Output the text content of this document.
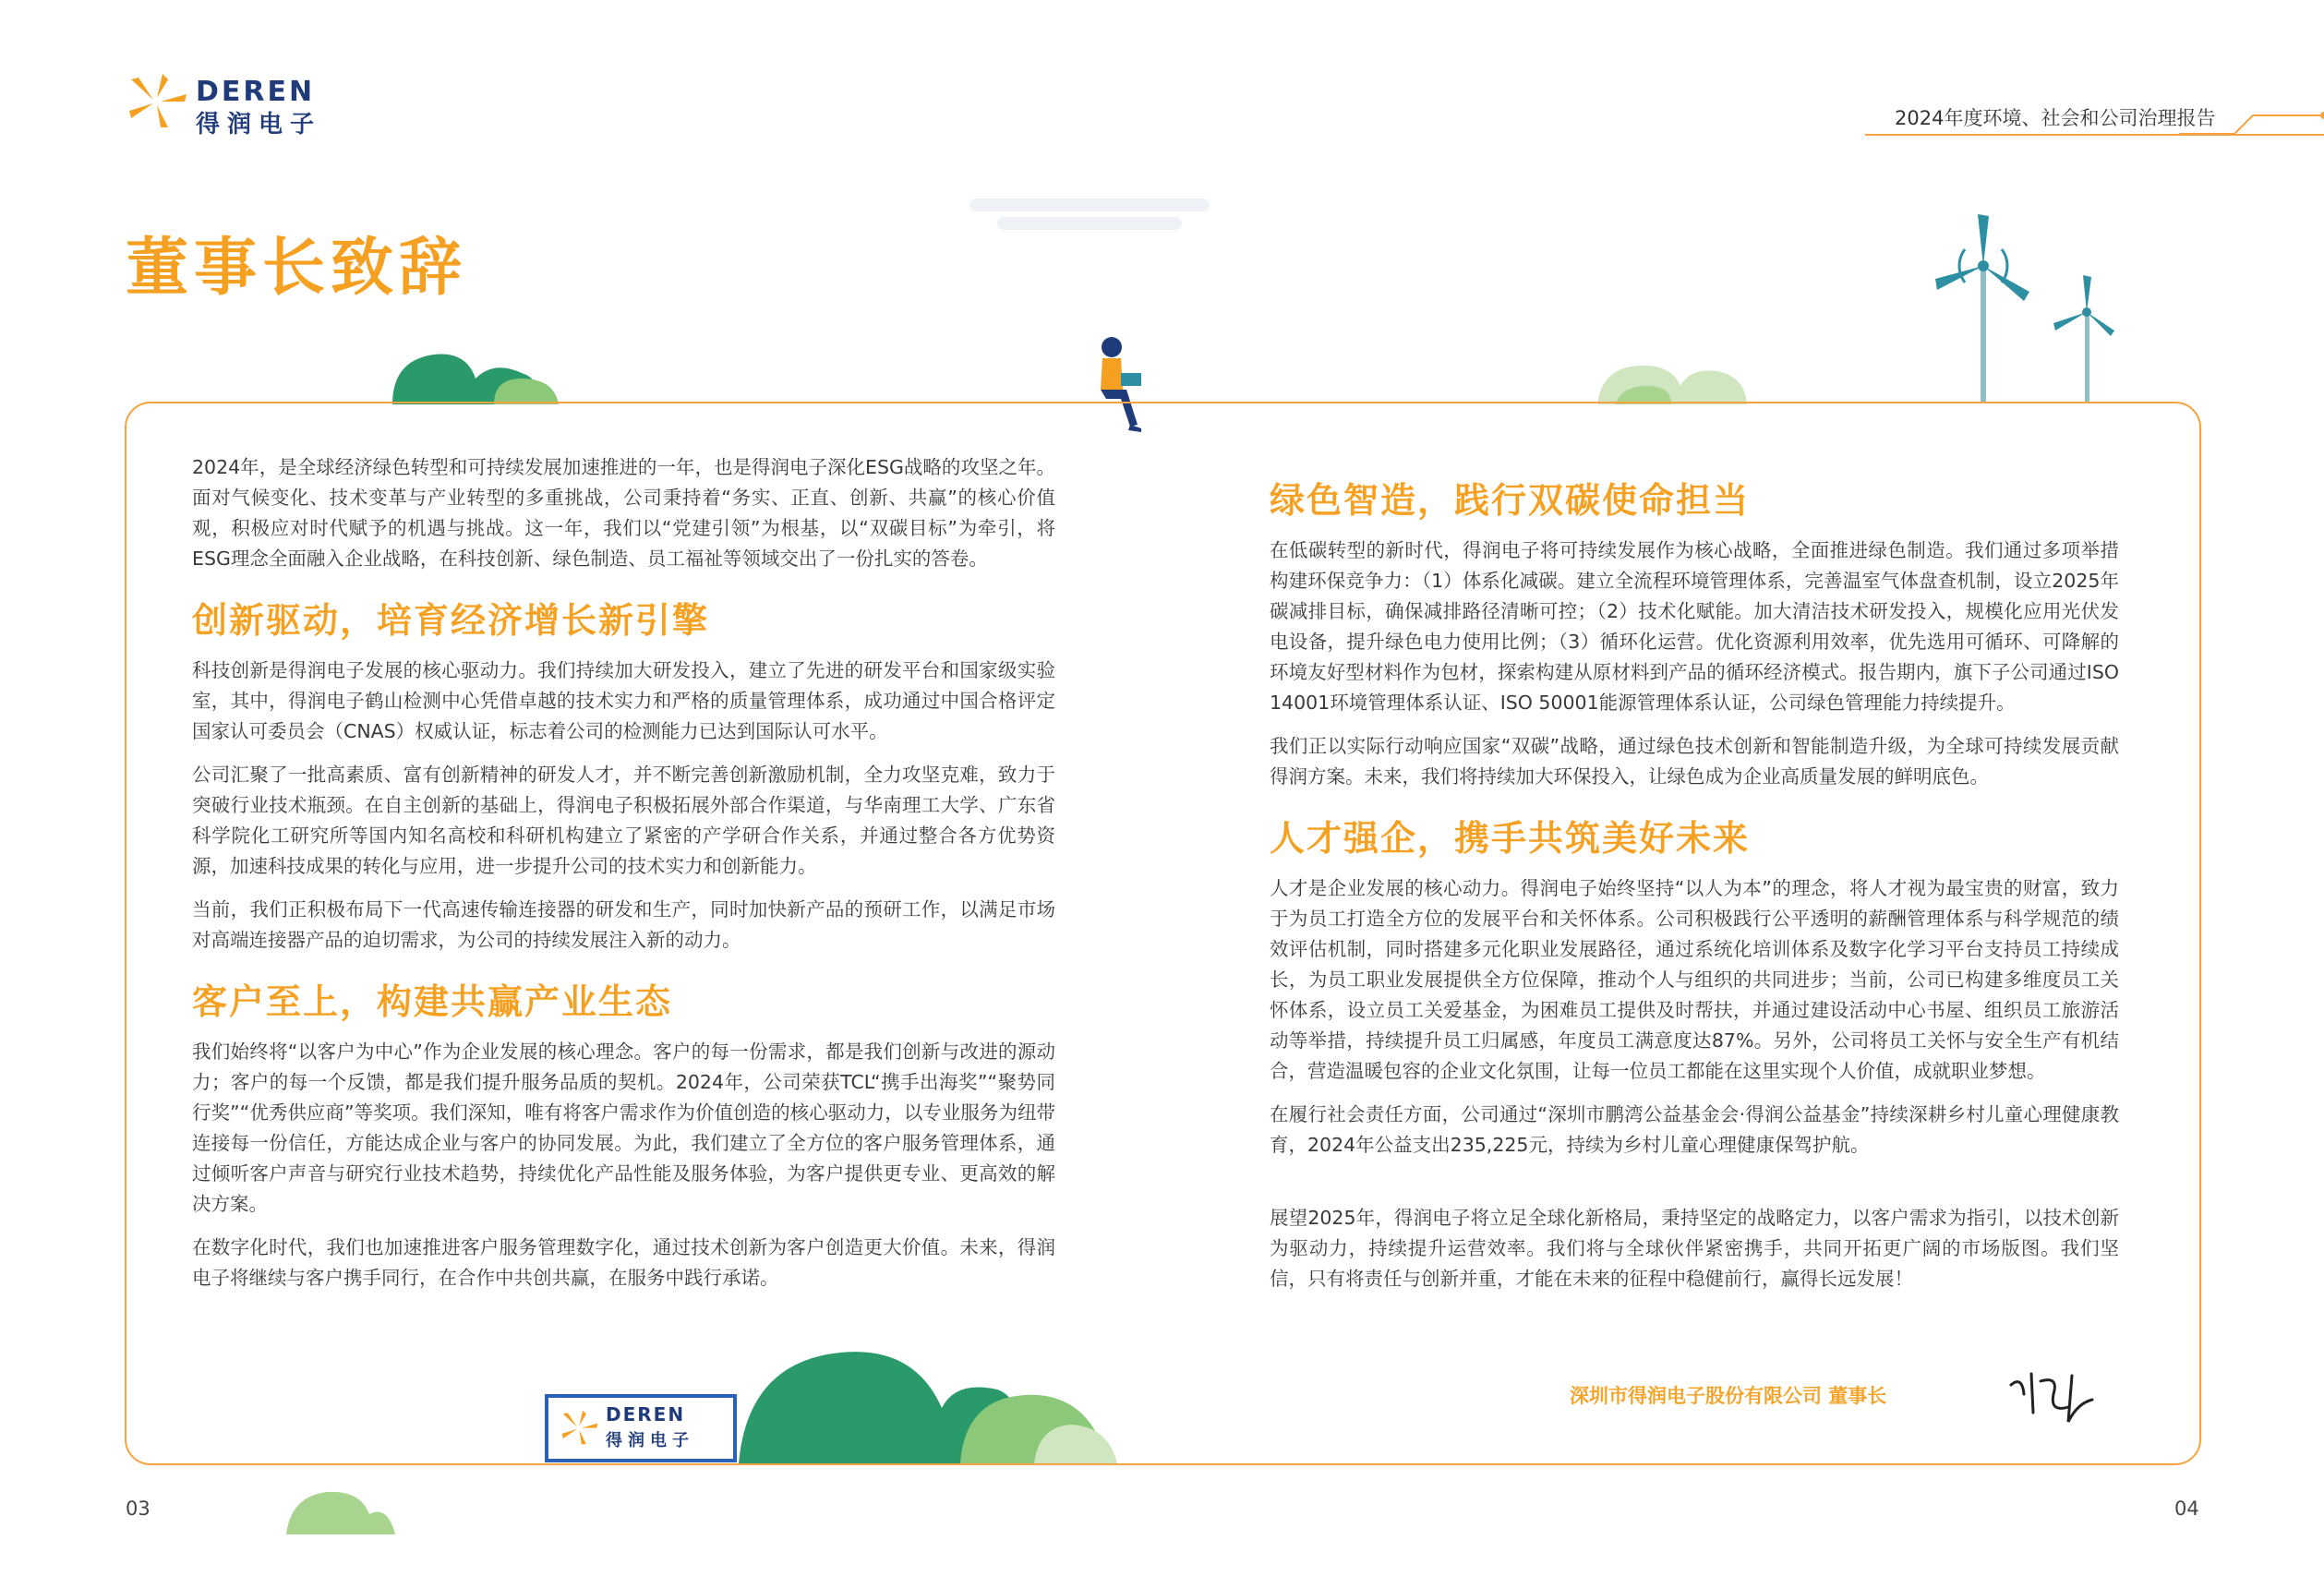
DEREN
得润电子	2024年度环境、社会和公司治理报告
董事长致辞

2024年，是全球经济绿色转型和可持续发展加速推进的一年，也是得润电子深化ESG战略的攻坚之年。面对气候变化、技术变革与产业转型的多重挑战，公司秉持着“务实、正直、创新、共赢”的核心价值观，积极应对时代赋予的机遇与挑战。这一年，我们以“党建引领”为根基，以“双碳目标”为牵引，将ESG理念全面融入企业战略，在科技创新、绿色制造、员工福祉等领域交出了一份扎实的答卷。

创新驱动，培育经济增长新引擎

科技创新是得润电子发展的核心驱动力。我们持续加大研发投入，建立了先进的研发平台和国家级实验室，其中，得润电子鹤山检测中心凭借卓越的技术实力和严格的质量管理体系，成功通过中国合格评定国家认可委员会（CNAS）权威认证，标志着公司的检测能力已达到国际认可水平。

公司汇聚了一批高素质、富有创新精神的研发人才，并不断完善创新激励机制，全力攻坚克难，致力于突破行业技术瓶颈。在自主创新的基础上，得润电子积极拓展外部合作渠道，与华南理工大学、广东省科学院化工研究所等国内知名高校和科研机构建立了紧密的产学研合作关系，并通过整合各方优势资源，加速科技成果的转化与应用，进一步提升公司的技术实力和创新能力。

当前，我们正积极布局下一代高速传输连接器的研发和生产，同时加快新产品的预研工作，以满足市场对高端连接器产品的迫切需求，为公司的持续发展注入新的动力。

客户至上，构建共赢产业生态

我们始终将“以客户为中心”作为企业发展的核心理念。客户的每一份需求，都是我们创新与改进的源动力；客户的每一个反馈，都是我们提升服务品质的契机。2024年，公司荣获TCL“携手出海奖”“聚势同行奖”“优秀供应商”等奖项。我们深知，唯有将客户需求作为价值创造的核心驱动力，以专业服务为纽带连接每一份信任，方能达成企业与客户的协同发展。为此，我们建立了全方位的客户服务管理体系，通过倾听客户声音与研究行业技术趋势，持续优化产品性能及服务体验，为客户提供更专业、更高效的解决方案。

在数字化时代，我们也加速推进客户服务管理数字化，通过技术创新为客户创造更大价值。未来，得润电子将继续与客户携手同行，在合作中共创共赢，在服务中践行承诺。

绿色智造，践行双碳使命担当

在低碳转型的新时代，得润电子将可持续发展作为核心战略，全面推进绿色制造。我们通过多项举措构建环保竞争力：（1）体系化减碳。建立全流程环境管理体系，完善温室气体盘查机制，设立2025年碳减排目标，确保减排路径清晰可控；（2）技术化赋能。加大清洁技术研发投入，规模化应用光伏发电设备，提升绿色电力使用比例；（3）循环化运营。优化资源利用效率，优先选用可循环、可降解的环境友好型材料作为包材，探索构建从原材料到产品的循环经济模式。报告期内，旗下子公司通过ISO 14001环境管理体系认证、ISO 50001能源管理体系认证，公司绿色管理能力持续提升。

我们正以实际行动响应国家“双碳”战略，通过绿色技术创新和智能制造升级，为全球可持续发展贡献得润方案。未来，我们将持续加大环保投入，让绿色成为企业高质量发展的鲜明底色。

人才强企，携手共筑美好未来

人才是企业发展的核心动力。得润电子始终坚持“以人为本”的理念，将人才视为最宝贵的财富，致力于为员工打造全方位的发展平台和关怀体系。公司积极践行公平透明的薪酬管理体系与科学规范的绩效评估机制，同时搭建多元化职业发展路径，通过系统化培训体系及数字化学习平台支持员工持续成长，为员工职业发展提供全方位保障，推动个人与组织的共同进步；当前，公司已构建多维度员工关怀体系，设立员工关爱基金，为困难员工提供及时帮扶，并通过建设活动中心书屋、组织员工旅游活动等举措，持续提升员工归属感，年度员工满意度达87%。另外，公司将员工关怀与安全生产有机结合，营造温暖包容的企业文化氛围，让每一位员工都能在这里实现个人价值，成就职业梦想。

在履行社会责任方面，公司通过“深圳市鹏湾公益基金会·得润公益基金”持续深耕乡村儿童心理健康教育，2024年公益支出235,225元，持续为乡村儿童心理健康保驾护航。

展望2025年，得润电子将立足全球化新格局，秉持坚定的战略定力，以客户需求为指引，以技术创新为驱动力，持续提升运营效率。我们将与全球伙伴紧密携手，共同开拓更广阔的市场版图。我们坚信，只有将责任与创新并重，才能在未来的征程中稳健前行，赢得长远发展！

深圳市得润电子股份有限公司 董事长
DEREN
得润电子
03	04
